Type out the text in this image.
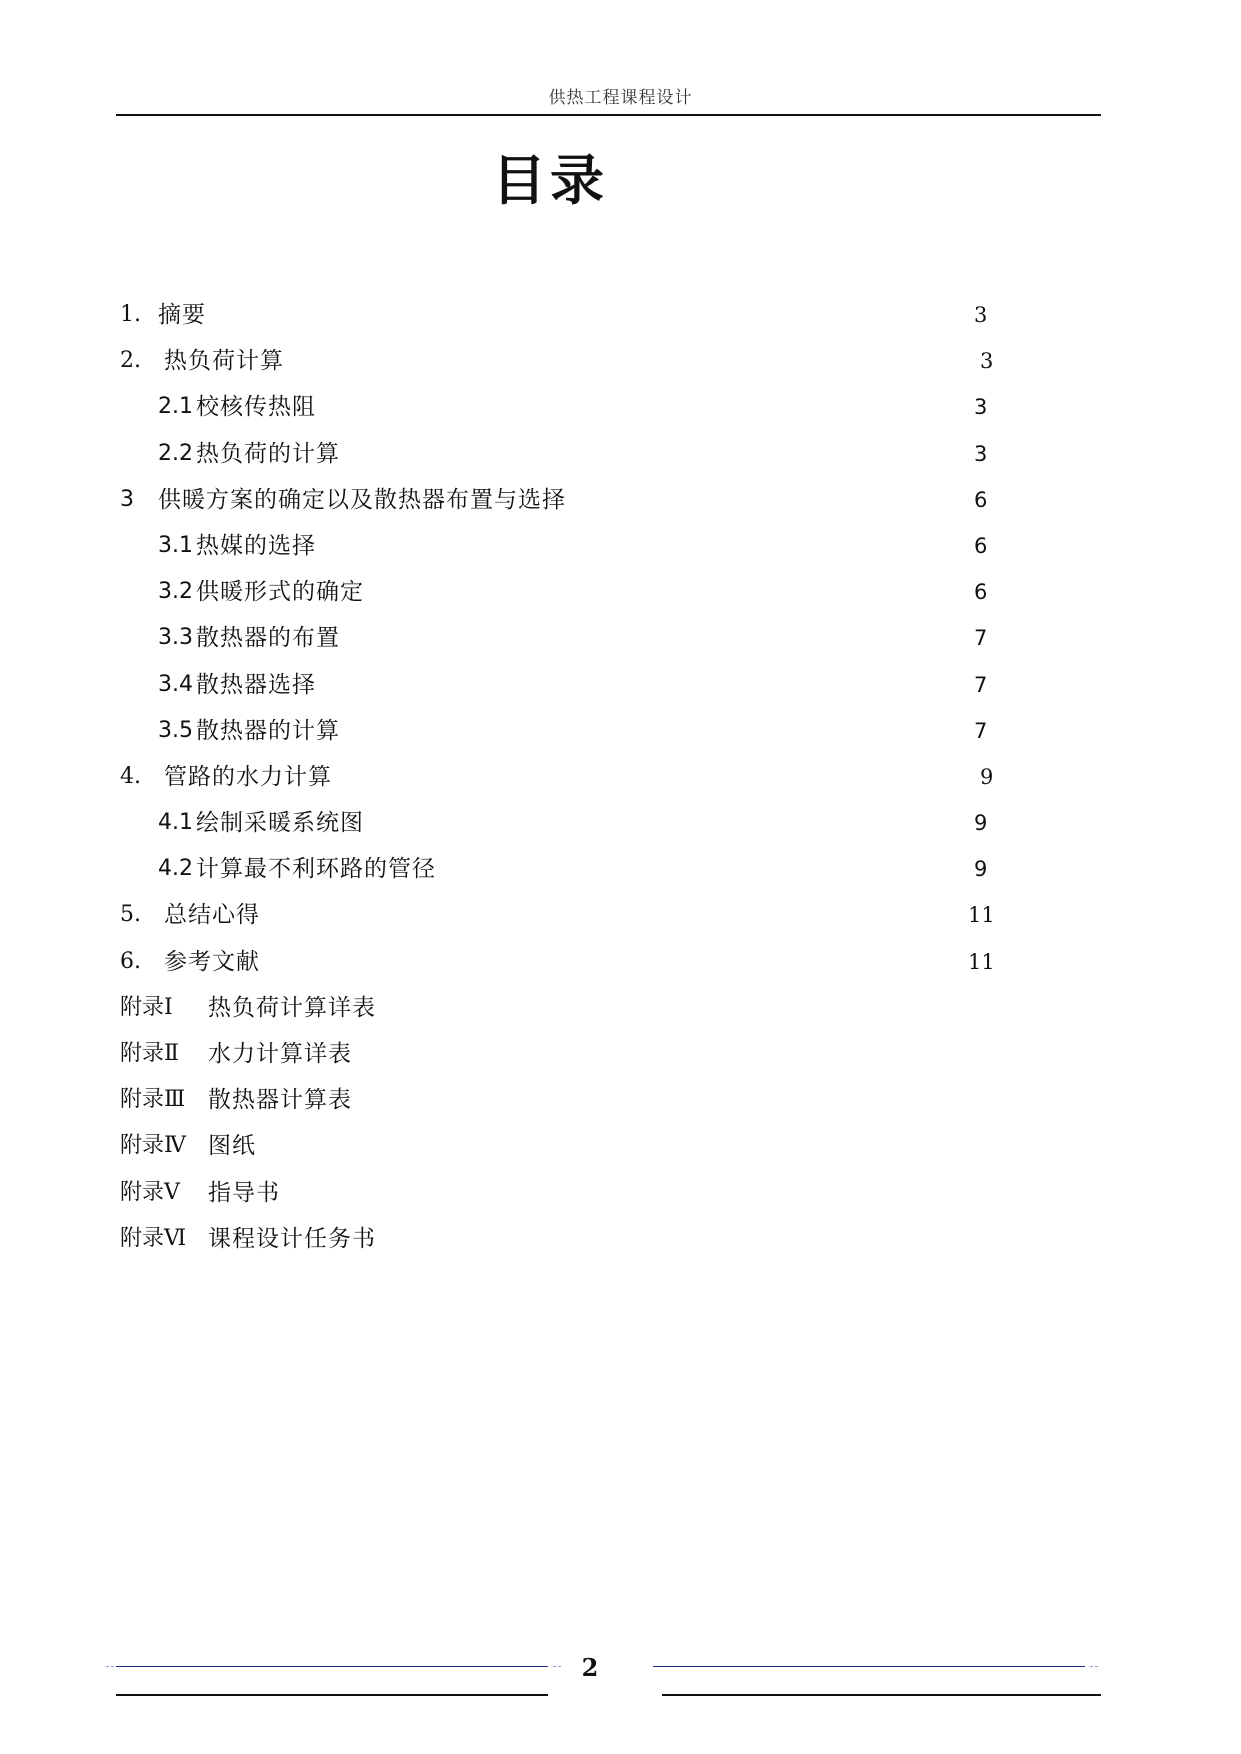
供热工程课程设计
目录
1. 摘要	3
2. 热负荷计算	3
2.1 校核传热阻	3
2.2 热负荷的计算	3
3 供暖方案的确定以及散热器布置与选择	6
3.1 热媒的选择	6
3.2 供暖形式的确定	6
3.3 散热器的布置	7
3.4 散热器选择	7
3.5 散热器的计算	7
4. 管路的水力计算	9
4.1 绘制采暖系统图	9
4.2 计算最不利环路的管径	9
5. 总结心得	11
6. 参考文献	11
附录Ⅰ 热负荷计算详表
附录Ⅱ 水力计算详表
附录Ⅲ 散热器计算表
附录Ⅳ 图纸
附录Ⅴ 指导书
附录Ⅵ 课程设计任务书
2
